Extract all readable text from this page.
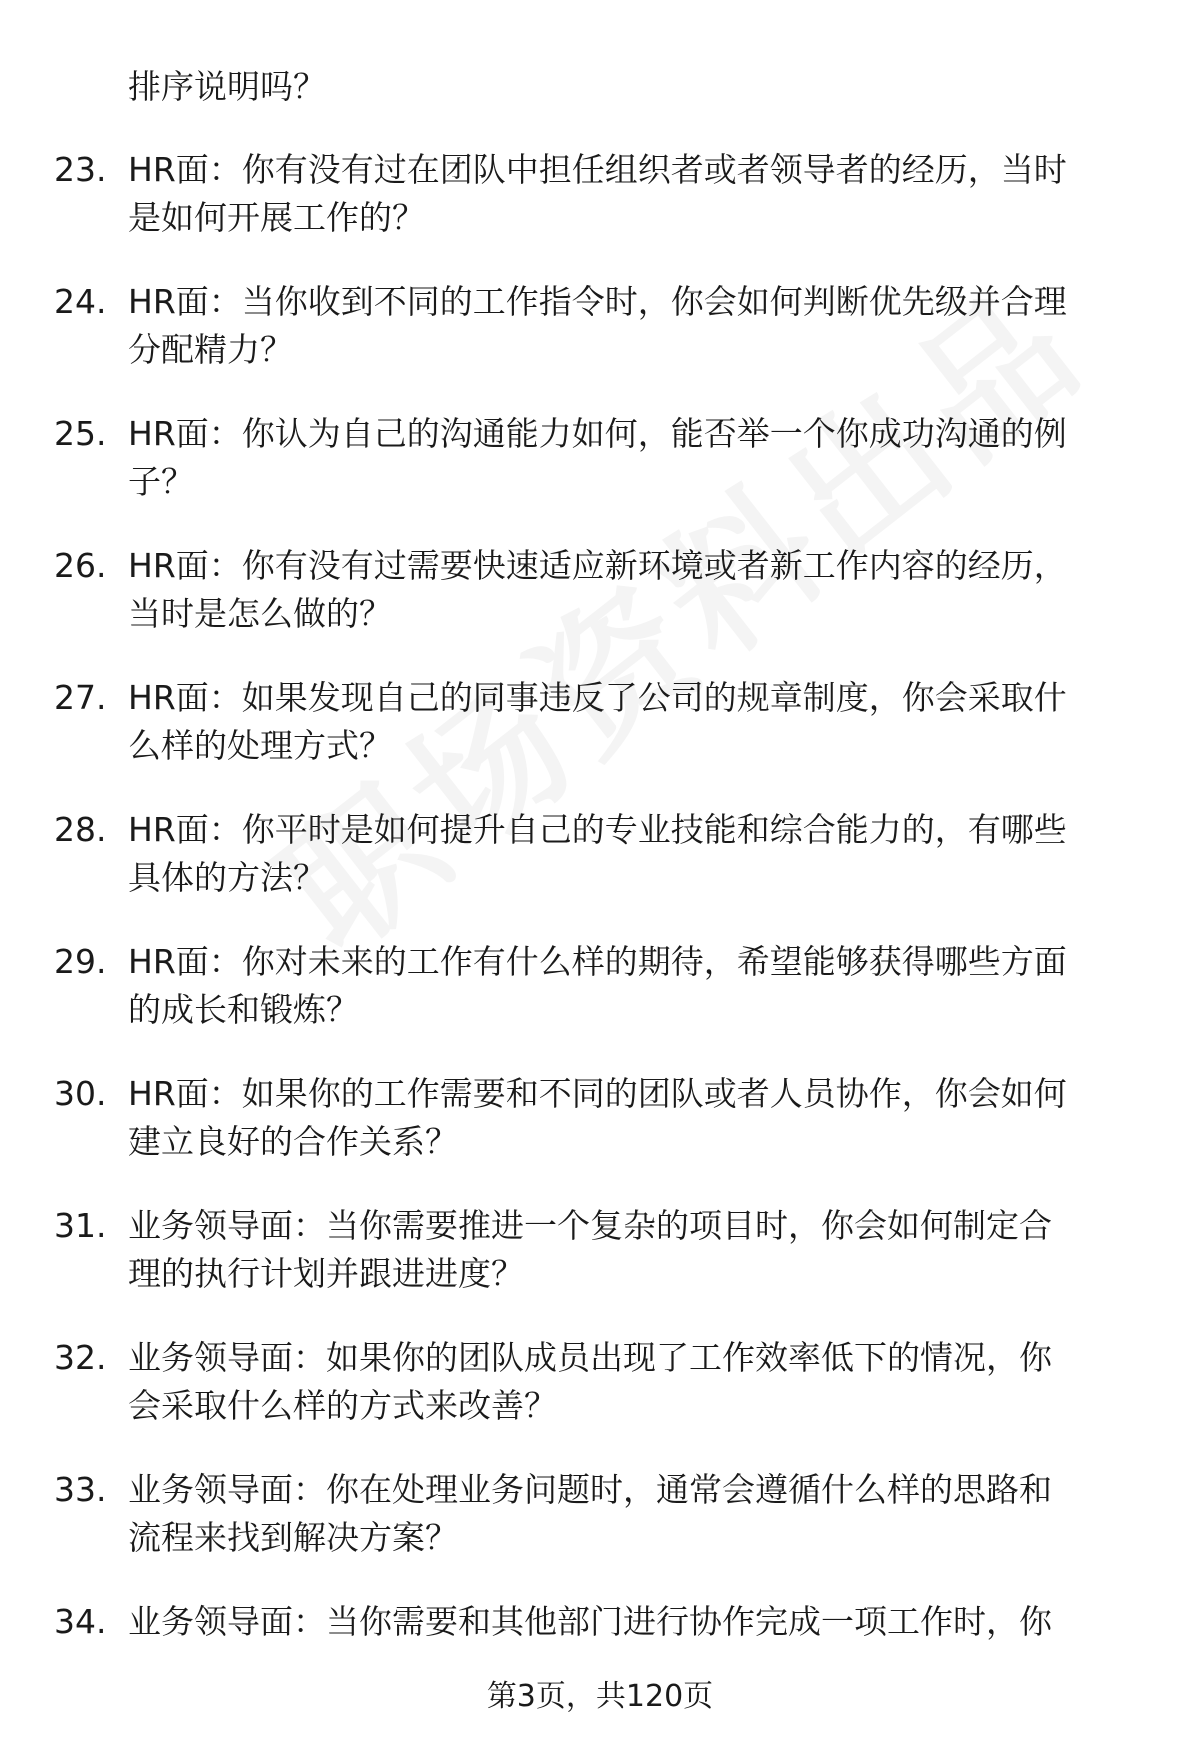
排序说明吗？
23. HR面：你有没有过在团队中担任组织者或者领导者的经历，当时
是如何开展工作的？
24. HR面：当你收到不同的工作指令时，你会如何判断优先级并合理
分配精力？
25. HR面：你认为自己的沟通能力如何，能否举一个你成功沟通的例
子？
26. HR面：你有没有过需要快速适应新环境或者新工作内容的经历，
当时是怎么做的？
27. HR面：如果发现自己的同事违反了公司的规章制度，你会采取什
么样的处理方式？
28. HR面：你平时是如何提升自己的专业技能和综合能力的，有哪些
具体的方法？
29. HR面：你对未来的工作有什么样的期待，希望能够获得哪些方面
的成长和锻炼？
30. HR面：如果你的工作需要和不同的团队或者人员协作，你会如何
建立良好的合作关系？
31. 业务领导面：当你需要推进一个复杂的项目时，你会如何制定合
理的执行计划并跟进进度？
32. 业务领导面：如果你的团队成员出现了工作效率低下的情况，你
会采取什么样的方式来改善？
33. 业务领导面：你在处理业务问题时，通常会遵循什么样的思路和
流程来找到解决方案？
34. 业务领导面：当你需要和其他部门进行协作完成一项工作时，你
第3页，共120页
